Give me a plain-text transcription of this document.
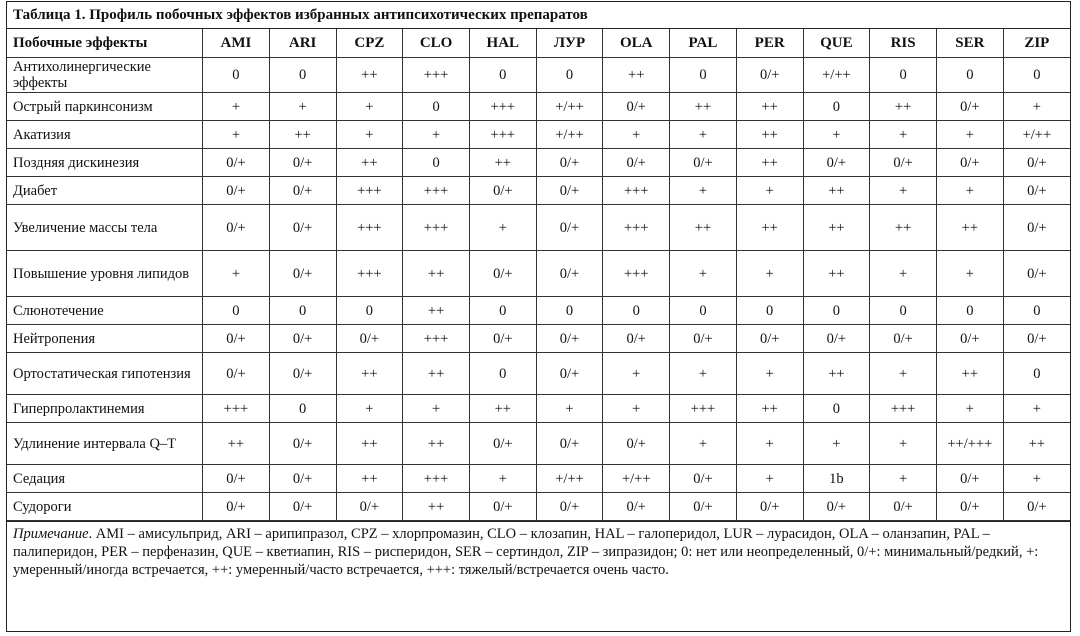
Таблица 1. Профиль побочных эффектов избранных антипсихотических препаратов
Побочные эффекты	AMI	ARI	CPZ	CLO	HAL	ЛУР	OLA	PAL	PER	QUE	RIS	SER	ZIP
Антихолинергические эффекты	0	0	++	+++	0	0	++	0	0/+	+/++	0	0	0
Острый паркинсонизм	+	+	+	0	+++	+/++	0/+	++	++	0	++	0/+	+
Акатизия	+	++	+	+	+++	+/++	+	+	++	+	+	+	+/++
Поздняя дискинезия	0/+	0/+	++	0	++	0/+	0/+	0/+	++	0/+	0/+	0/+	0/+
Диабет	0/+	0/+	+++	+++	0/+	0/+	+++	+	+	++	+	+	0/+
Увеличение массы тела	0/+	0/+	+++	+++	+	0/+	+++	++	++	++	++	++	0/+
Повышение уровня липидов	+	0/+	+++	++	0/+	0/+	+++	+	+	++	+	+	0/+
Слюнотечение	0	0	0	++	0	0	0	0	0	0	0	0	0
Нейтропения	0/+	0/+	0/+	+++	0/+	0/+	0/+	0/+	0/+	0/+	0/+	0/+	0/+
Ортостатическая гипотензия	0/+	0/+	++	++	0	0/+	+	+	+	++	+	++	0
Гиперпролактинемия	+++	0	+	+	++	+	+	+++	++	0	+++	+	+
Удлинение интервала Q–T	++	0/+	++	++	0/+	0/+	0/+	+	+	+	+	++/+++	++
Седация	0/+	0/+	++	+++	+	+/++	+/++	0/+	+	1b	+	0/+	+
Судороги	0/+	0/+	0/+	++	0/+	0/+	0/+	0/+	0/+	0/+	0/+	0/+	0/+
Примечание. AMI – амисульприд, ARI – арипипразол, CPZ – хлорпромазин, CLO – клозапин, HAL – галоперидол, LUR – лурасидон, OLA – оланзапин, PAL – палиперидон, PER – перфеназин, QUE – кветиапин, RIS – рисперидон, SER – сертиндол, ZIP – зипразидон; 0: нет или неопределенный, 0/+: минимальный/редкий, +: умеренный/иногда встречается, ++: умеренный/часто встречается, +++: тяжелый/встречается очень часто.
